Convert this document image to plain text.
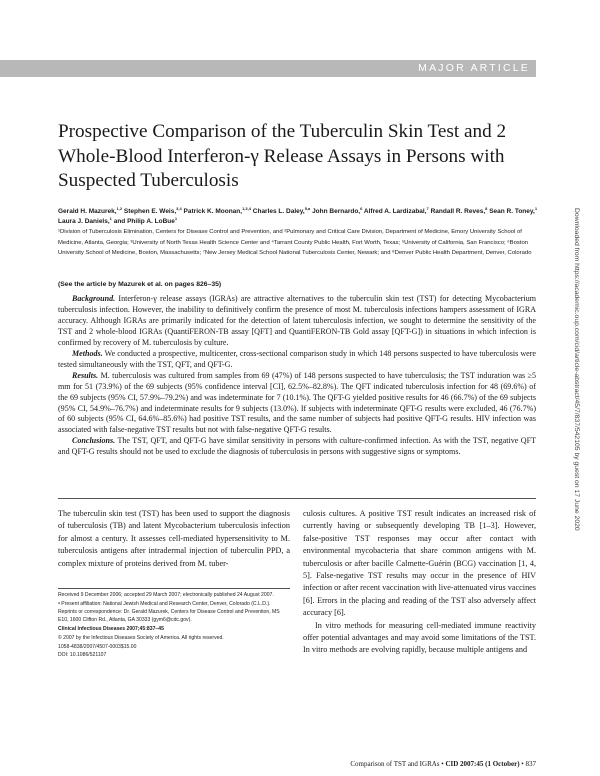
MAJOR ARTICLE
Prospective Comparison of the Tuberculin Skin Test and 2 Whole-Blood Interferon-γ Release Assays in Persons with Suspected Tuberculosis
Gerald H. Mazurek,$^{1,2}$ Stephen E. Weis,$^{3,4}$ Patrick K. Moonan,$^{1,3,4}$ Charles L. Daley,$^{5,a}$ John Bernardo,$^6$ Alfred A. Lardizabal,$^7$ Randall R. Reves,$^8$ Sean R. Toney,$^1$ Laura J. Daniels,$^1$ and Philip A. LoBue$^1$
¹Division of Tuberculosis Elimination, Centers for Disease Control and Prevention, and ²Pulmonary and Critical Care Division, Department of Medicine, Emory University School of Medicine, Atlanta, Georgia; ³University of North Texas Health Science Center and ⁴Tarrant County Public Health, Fort Worth, Texas; ⁵University of California, San Francisco; ⁶Boston University School of Medicine, Boston, Massachusetts; ⁷New Jersey Medical School National Tuberculosis Center, Newark; and ⁸Denver Public Health Department, Denver, Colorado
(See the article by Mazurek et al. on pages 826–35)

Background. Interferon-γ release assays (IGRAs) are attractive alternatives to the tuberculin skin test (TST) for detecting Mycobacterium tuberculosis infection. However, the inability to definitively confirm the presence of most M. tuberculosis infections hampers assessment of IGRA accuracy. Although IGRAs are primarily indicated for the detection of latent tuberculosis infection, we sought to determine the sensitivity of the TST and 2 whole-blood IGRAs (QuantiFERON-TB assay [QFT] and QuantiFERON-TB Gold assay [QFT-G]) in situations in which infection is confirmed by recovery of M. tuberculosis by culture.

Methods. We conducted a prospective, multicenter, cross-sectional comparison study in which 148 persons suspected to have tuberculosis were tested simultaneously with the TST, QFT, and QFT-G.

Results. M. tuberculosis was cultured from samples from 69 (47%) of 148 persons suspected to have tuberculosis; the TST induration was ≥5 mm for 51 (73.9%) of the 69 subjects (95% confidence interval [CI], 62.5%–82.8%). The QFT indicated tuberculosis infection for 48 (69.6%) of the 69 subjects (95% CI, 57.9%–79.2%) and was indeterminate for 7 (10.1%). The QFT-G yielded positive results for 46 (66.7%) of the 69 subjects (95% CI, 54.9%–76.7%) and indeterminate results for 9 subjects (13.0%). If subjects with indeterminate QFT-G results were excluded, 46 (76.7%) of 60 subjects (95% CI, 64.6%–85.6%) had positive TST results, and the same number of subjects had positive QFT-G results. HIV infection was associated with false-negative TST results but not with false-negative QFT-G results.

Conclusions. The TST, QFT, and QFT-G have similar sensitivity in persons with culture-confirmed infection. As with the TST, negative QFT and QFT-G results should not be used to exclude the diagnosis of tuberculosis in persons with suggestive signs or symptoms.

The tuberculin skin test (TST) has been used to support the diagnosis of tuberculosis (TB) and latent Mycobacterium tuberculosis infection for almost a century. It assesses cell-mediated hypersensitivity to M. tuberculosis antigens after intradermal injection of tuberculin PPD, a complex mixture of proteins derived from M. tuber-

Received 9 December 2006; accepted 29 March 2007; electronically published 24 August 2007.

ᵃ Present affiliation: National Jewish Medical and Research Center, Denver, Colorado (C.L.D.).

Reprints or correspondence: Dr. Gerald Mazurek, Centers for Disease Control and Prevention, MS E10, 1600 Clifton Rd., Atlanta, GA 30333 (gym6@cdc.gov).

Clinical Infectious Diseases 2007;45:837–45

© 2007 by the Infectious Diseases Society of America. All rights reserved.

1058-4838/2007/4507-0003$15.00

DOI: 10.1086/521107

culosis cultures. A positive TST result indicates an increased risk of currently having or subsequently developing TB [1–3]. However, false-positive TST responses may occur after contact with environmental mycobacteria that share common antigens with M. tuberculosis or after bacille Calmette-Guérin (BCG) vaccination [1, 4, 5]. False-negative TST results may occur in the presence of HIV infection or after recent vaccination with live-attenuated virus vaccines [6]. Errors in the placing and reading of the TST also adversely affect accuracy [6].

In vitro methods for measuring cell-mediated immune reactivity offer potential advantages and may avoid some limitations of the TST. In vitro methods are evolving rapidly, because multiple antigens and

Comparison of TST and IGRAs • CID 2007:45 (1 October) • 837
Downloaded from https://academic.oup.com/cid/article-abstract/45/7/837/542105 by guest on 17 June 2020
